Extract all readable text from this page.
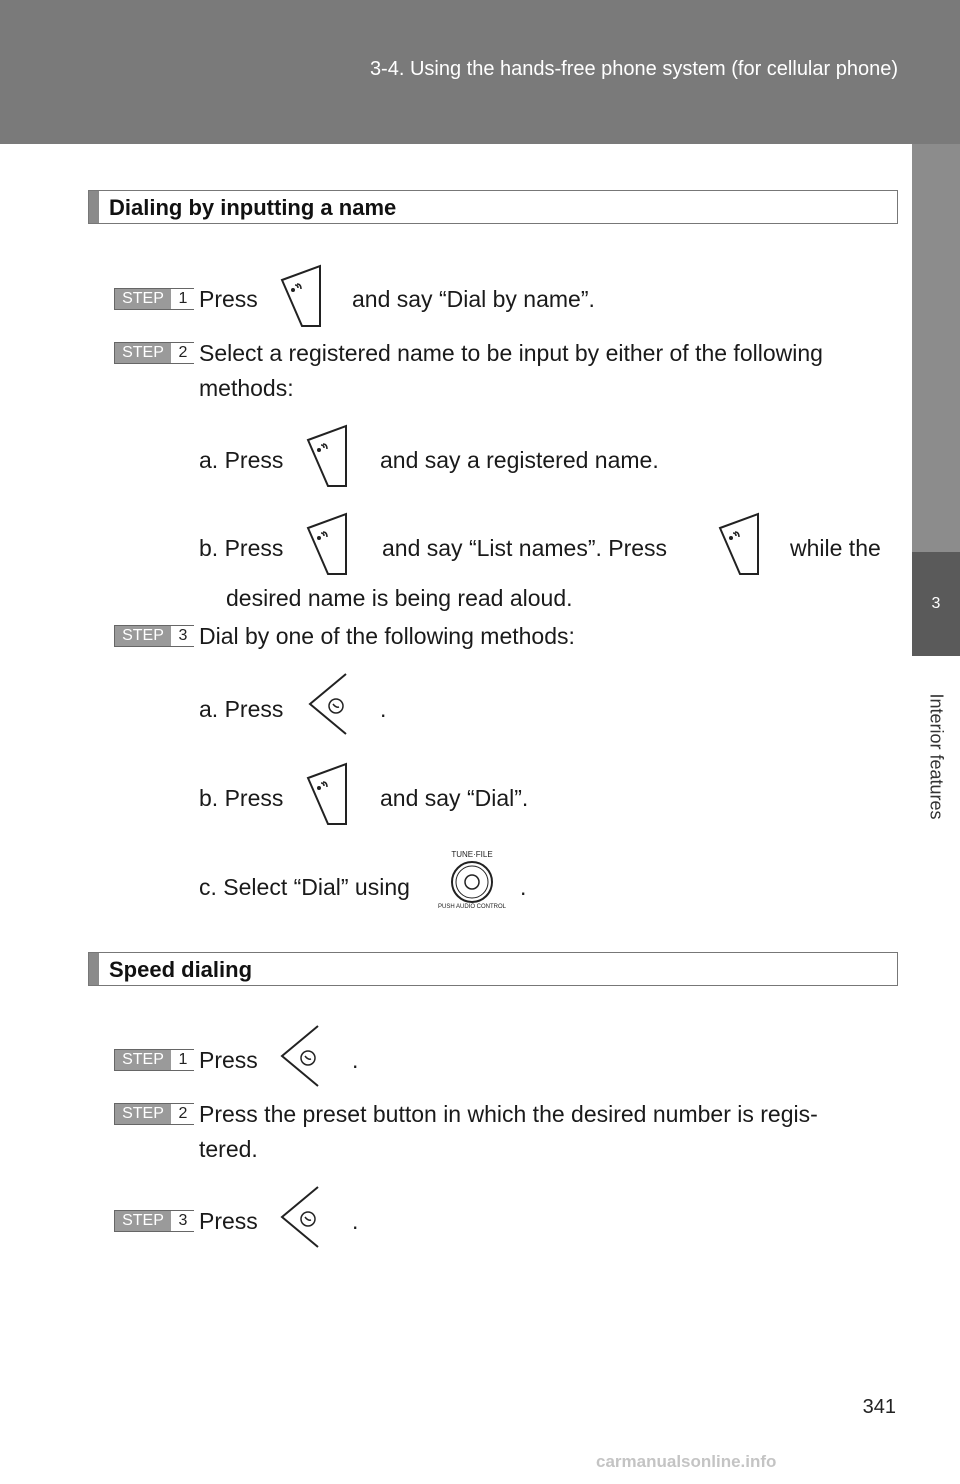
3-4. Using the hands-free phone system (for cellular phone)
3
Interior features
Dialing by inputting a name
STEP 1 Press	and say “Dial by name”.
STEP 2 Select a registered name to be input by either of the following
methods:
a. Press	and say a registered name.
b. Press	and say “List names”. Press	while the
desired name is being read aloud.
STEP 3 Dial by one of the following methods:
a. Press	.
b. Press	and say “Dial”.
c. Select “Dial” using
TUNE·FILE
PUSH AUDIO CONTROL
.
Speed dialing
STEP 1 Press	.
STEP 2 Press the preset button in which the desired number is regis-
tered.
STEP 3 Press	.
341
carmanualsonline.info
